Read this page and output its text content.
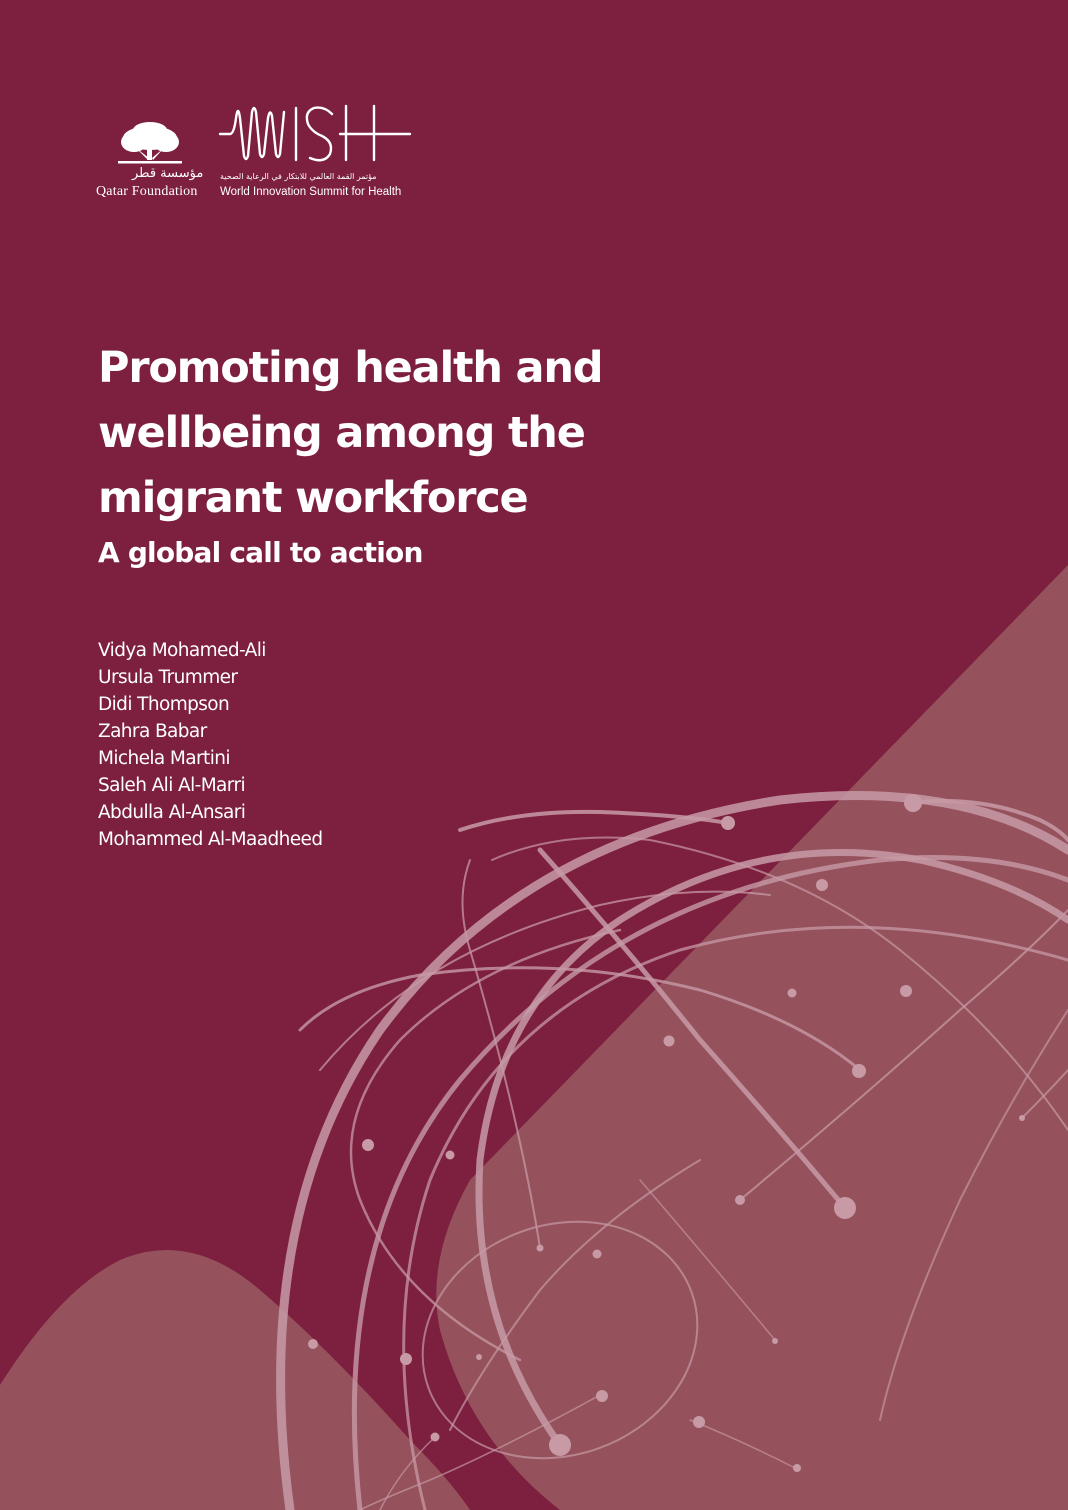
مؤسسة قطر
Qatar Foundation
مؤتمر القمة العالمي للابتكار في الرعاية الصحية
World Innovation Summit for Health
Promoting health and wellbeing among the migrant workforce
A global call to action
Vidya Mohamed-Ali
Ursula Trummer
Didi Thompson
Zahra Babar
Michela Martini
Saleh Ali Al-Marri
Abdulla Al-Ansari
Mohammed Al-Maadheed
